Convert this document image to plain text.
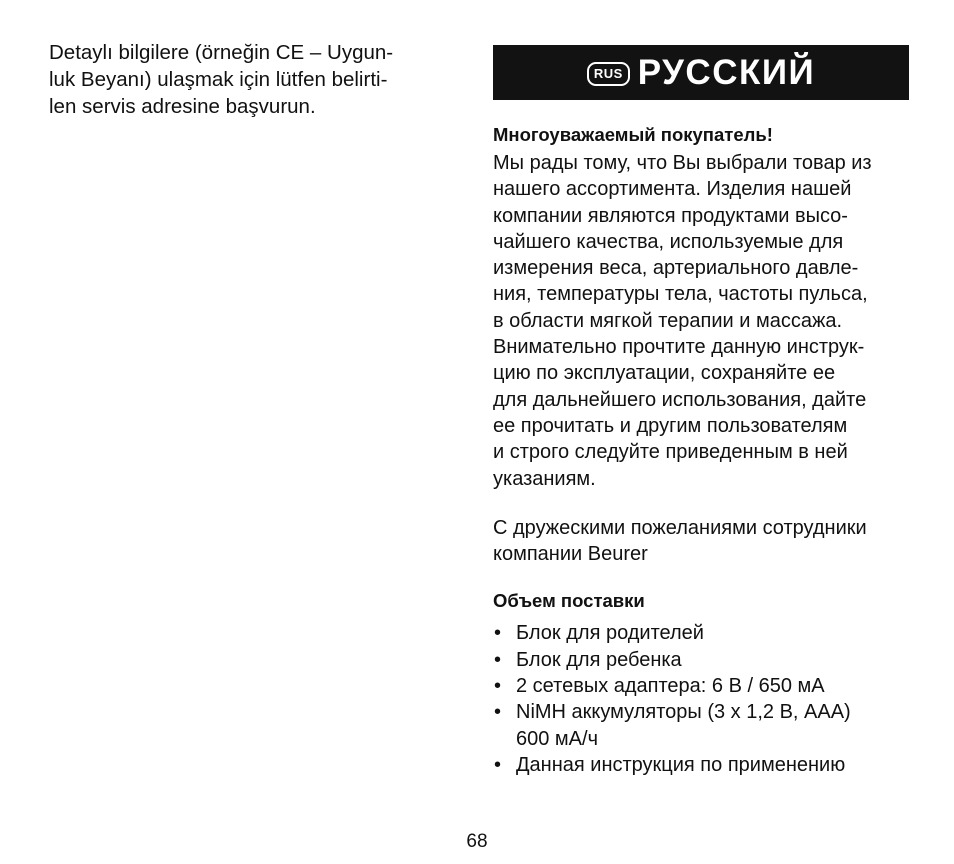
Detaylı bilgilere (örneğin CE – Uygun-
luk Beyanı) ulaşmak için lütfen belirti-
len servis adresine başvurun.
RUS РУССКИЙ
Многоуважаемый покупатель!
Мы рады тому, что Вы выбрали товар из
нашего ассортимента. Изделия нашей
компании являются продуктами высо-
чайшего качества, используемые для
измерения веса, артериального давле-
ния, температуры тела, частоты пульса,
в области мягкой терапии и массажа.
Внимательно прочтите данную инструк-
цию по эксплуатации, сохраняйте ее
для дальнейшего использования, дайте
ее прочитать и другим пользователям
и строго следуйте приведенным в ней
указаниям.
С дружескими пожеланиями сотрудники
компании Beurer
Объем поставки
• Блок для родителей
• Блок для ребенка
• 2 сетевых адаптера: 6 В / 650 мА
• NiMH аккумуляторы (3 x 1,2 В, AAA)
600 мА/ч
• Данная инструкция по применению
68
